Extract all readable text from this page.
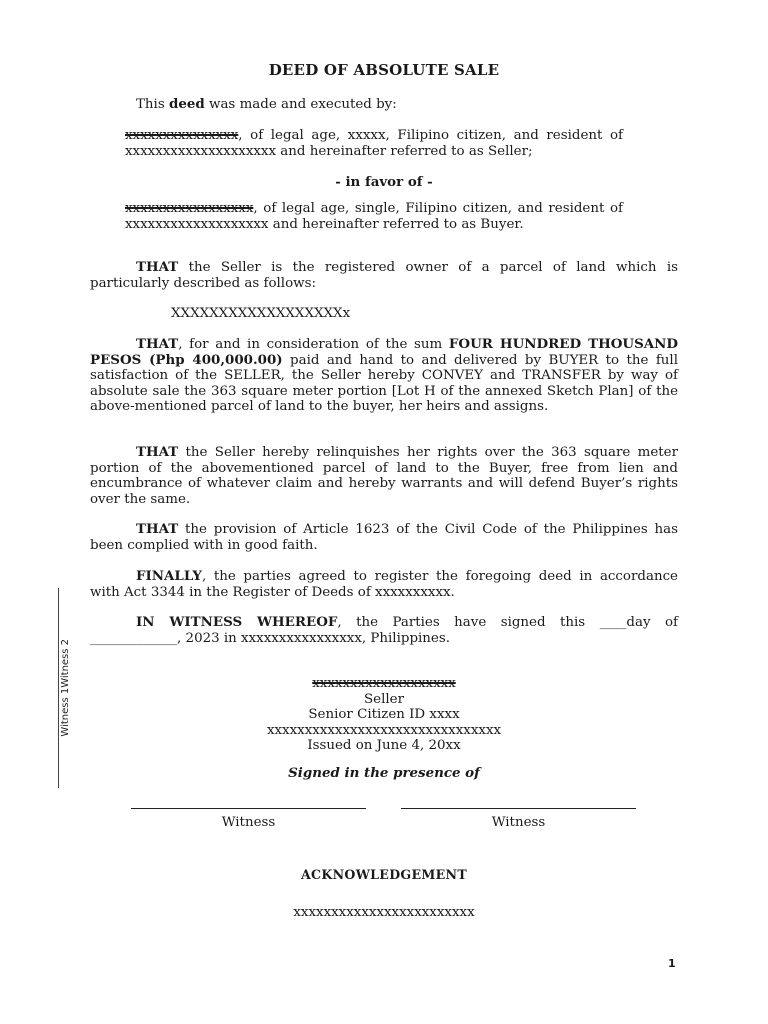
DEED OF ABSOLUTE SALE
This deed was made and executed by:
xxxxxxxxxxxxxxx, of legal age, xxxxx, Filipino citizen, and resident of xxxxxxxxxxxxxxxxxxxx and hereinafter referred to as Seller;
- in favor of -
xxxxxxxxxxxxxxxxx, of legal age, single, Filipino citizen, and resident of xxxxxxxxxxxxxxxxxxx and hereinafter referred to as Buyer.
THAT the Seller is the registered owner of a parcel of land which is particularly described as follows:
XXXXXXXXXXXXXXXXXXx
THAT, for and in consideration of the sum FOUR HUNDRED THOUSAND PESOS (Php 400,000.00) paid and hand to and delivered by BUYER to the full satisfaction of the SELLER, the Seller hereby CONVEY and TRANSFER by way of absolute sale the 363 square meter portion [Lot H of the annexed Sketch Plan] of the above-mentioned parcel of land to the buyer, her heirs and assigns.
THAT the Seller hereby relinquishes her rights over the 363 square meter portion of the abovementioned parcel of land to the Buyer, free from lien and encumbrance of whatever claim and hereby warrants and will defend Buyer’s rights over the same.
THAT the provision of Article 1623 of the Civil Code of the Philippines has been complied with in good faith.
FINALLY, the parties agreed to register the foregoing deed in accordance with Act 3344 in the Register of Deeds of xxxxxxxxxx.
IN WITNESS WHEREOF, the Parties have signed this ____day of _____________, 2023 in xxxxxxxxxxxxxxxx, Philippines.
xxxxxxxxxxxxxxxxxxx
Seller
Senior Citizen ID xxxx
xxxxxxxxxxxxxxxxxxxxxxxxxxxxxxx
Issued on June 4, 20xx
Signed in the presence of
Witness	Witness
ACKNOWLEDGEMENT
xxxxxxxxxxxxxxxxxxxxxxxx
Witness 1Witness 2
1
